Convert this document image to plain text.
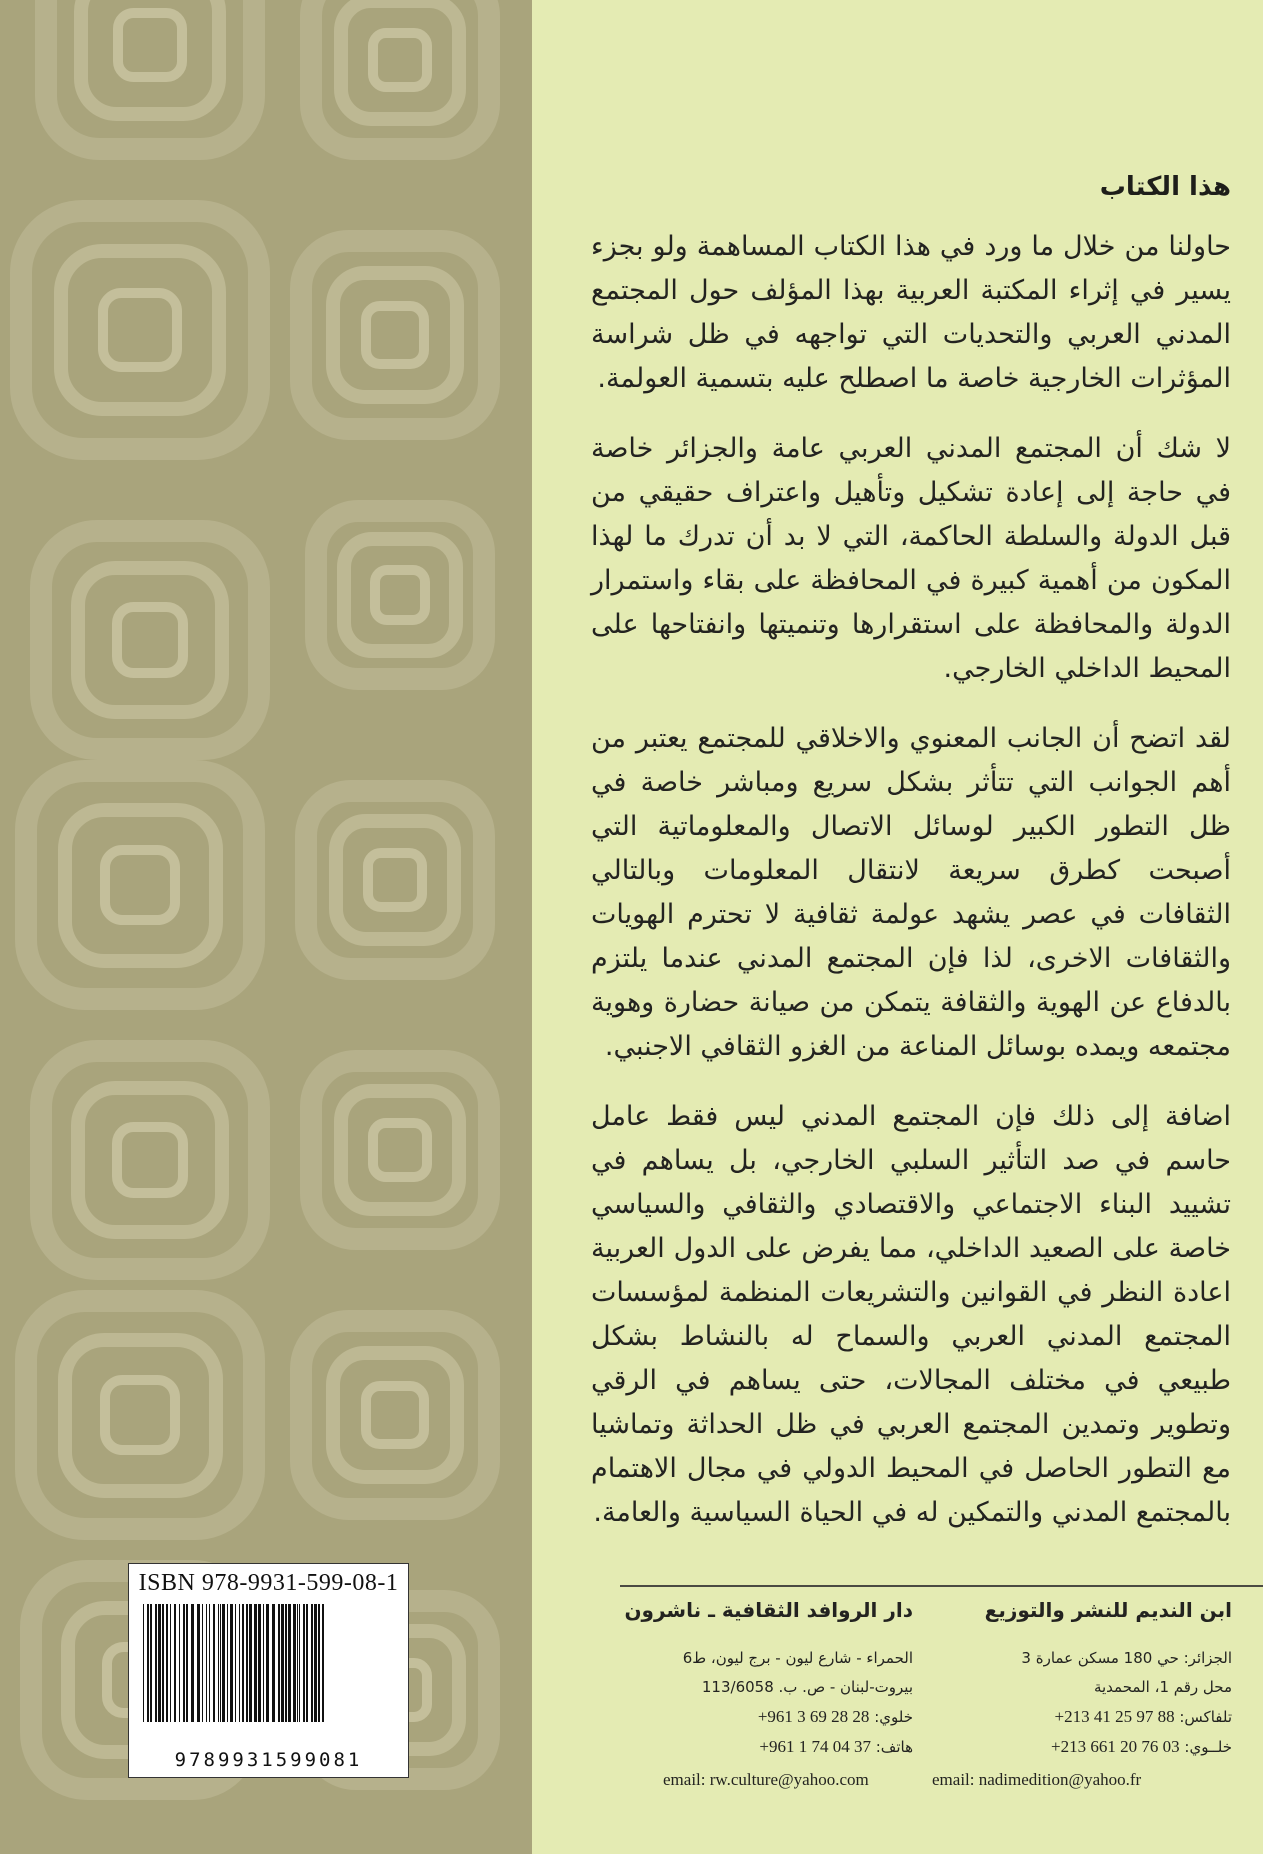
هذا الكتاب

حاولنا من خلال ما ورد في هذا الكتاب المساهمة ولو بجزء يسير في إثراء المكتبة العربية بهذا المؤلف حول المجتمع المدني العربي والتحديات التي تواجهه في ظل شراسة المؤثرات الخارجية خاصة ما اصطلح عليه بتسمية العولمة.

لا شك أن المجتمع المدني العربي عامة والجزائر خاصة في حاجة إلى إعادة تشكيل وتأهيل واعتراف حقيقي من قبل الدولة والسلطة الحاكمة، التي لا بد أن تدرك ما لهذا المكون من أهمية كبيرة في المحافظة على بقاء واستمرار الدولة والمحافظة على استقرارها وتنميتها وانفتاحها على المحيط الداخلي الخارجي.

لقد اتضح أن الجانب المعنوي والاخلاقي للمجتمع يعتبر من أهم الجوانب التي تتأثر بشكل سريع ومباشر خاصة في ظل التطور الكبير لوسائل الاتصال والمعلوماتية التي أصبحت كطرق سريعة لانتقال المعلومات وبالتالي الثقافات في عصر يشهد عولمة ثقافية لا تحترم الهويات والثقافات الاخرى، لذا فإن المجتمع المدني عندما يلتزم بالدفاع عن الهوية والثقافة يتمكن من صيانة حضارة وهوية مجتمعه ويمده بوسائل المناعة من الغزو الثقافي الاجنبي.

اضافة إلى ذلك فإن المجتمع المدني ليس فقط عامل حاسم في صد التأثير السلبي الخارجي، بل يساهم في تشييد البناء الاجتماعي والاقتصادي والثقافي والسياسي خاصة على الصعيد الداخلي، مما يفرض على الدول العربية اعادة النظر في القوانين والتشريعات المنظمة لمؤسسات المجتمع المدني العربي والسماح له بالنشاط بشكل طبيعي في مختلف المجالات، حتى يساهم في الرقي وتطوير وتمدين المجتمع العربي في ظل الحداثة وتماشيا مع التطور الحاصل في المحيط الدولي في مجال الاهتمام بالمجتمع المدني والتمكين له في الحياة السياسية والعامة.

ابن النديم للنشر والتوزيع
الجزائر: حي 180 مسكن عمارة 3
محل رقم 1، المحمدية
تلفاكس: +213 41 25 97 88
خلــوي: +213 661 20 76 03
email: nadimedition@yahoo.fr
دار الروافد الثقافية ـ ناشرون
الحمراء - شارع ليون - برج ليون، ط6
بيروت-لبنان - ص. ب. 113/6058
خلوي: +961 3 69 28 28
هاتف: +961 1 74 04 37
email: rw.culture@yahoo.com
ISBN 978-9931-599-08-1
9789931599081
